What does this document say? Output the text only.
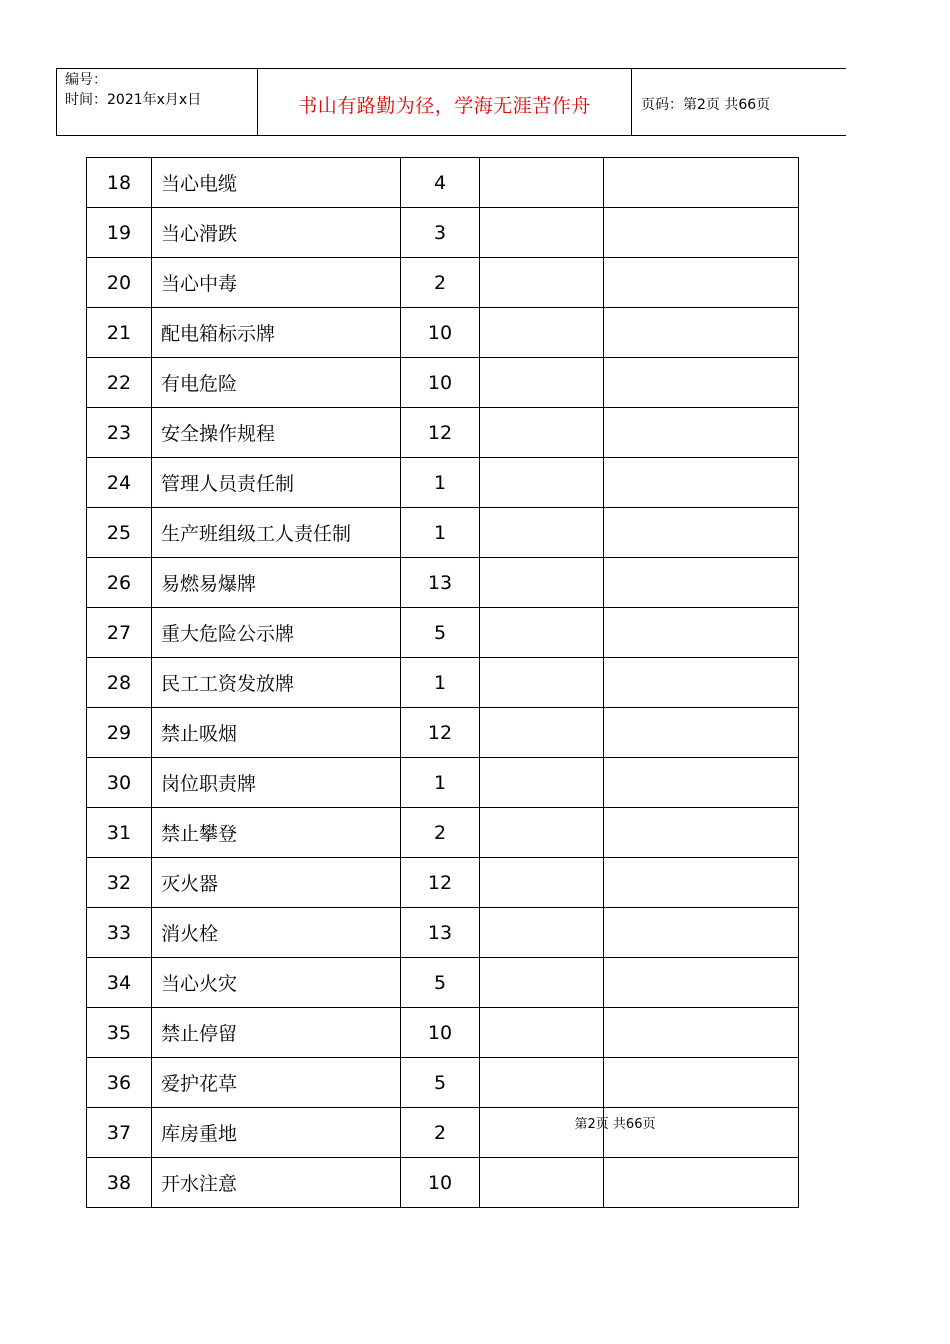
编号：
时间：2021年x月x日	书山有路勤为径，学海无涯苦作舟	页码：第2页 共66页
18	当心电缆	4		
19	当心滑跌	3		
20	当心中毒	2		
21	配电箱标示牌	10		
22	有电危险	10		
23	安全操作规程	12		
24	管理人员责任制	1		
25	生产班组级工人责任制	1		
26	易燃易爆牌	13		
27	重大危险公示牌	5		
28	民工工资发放牌	1		
29	禁止吸烟	12		
30	岗位职责牌	1		
31	禁止攀登	2		
32	灭火器	12		
33	消火栓	13		
34	当心火灾	5		
35	禁止停留	10		
36	爱护花草	5		
37	库房重地	2		
38	开水注意	10		
第2页 共66页
